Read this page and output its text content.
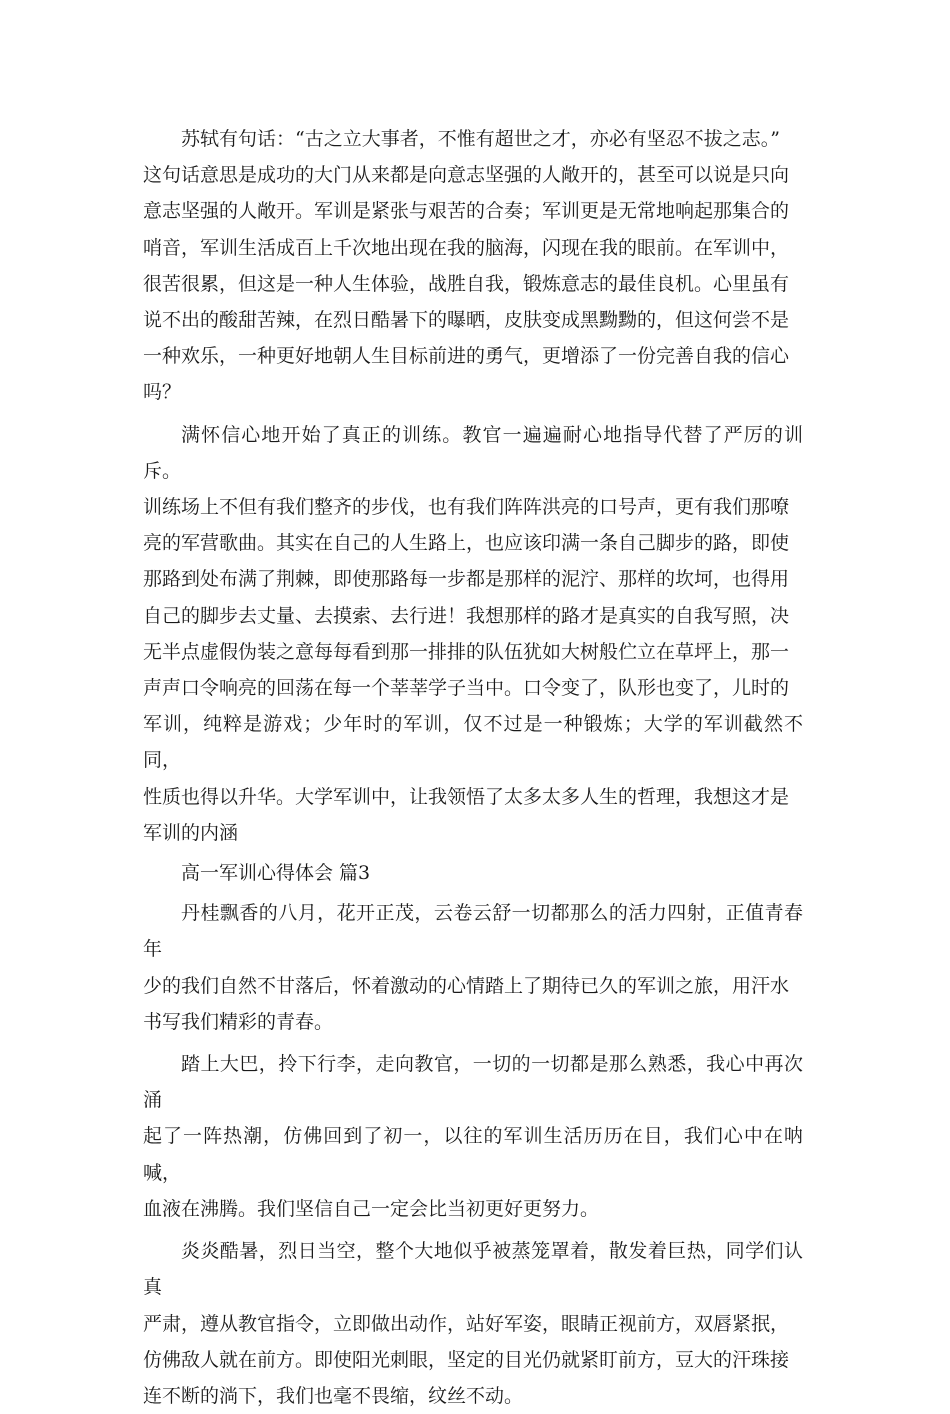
苏轼有句话：“古之立大事者，不惟有超世之才，亦必有坚忍不拔之志。”
这句话意思是成功的大门从来都是向意志坚强的人敞开的，甚至可以说是只向
意志坚强的人敞开。军训是紧张与艰苦的合奏；军训更是无常地响起那集合的
哨音，军训生活成百上千次地出现在我的脑海，闪现在我的眼前。在军训中，
很苦很累，但这是一种人生体验，战胜自我，锻炼意志的最佳良机。心里虽有
说不出的酸甜苦辣，在烈日酷暑下的曝晒，皮肤变成黑黝黝的，但这何尝不是
一种欢乐，一种更好地朝人生目标前进的勇气，更增添了一份完善自我的信心
吗？

满怀信心地开始了真正的训练。教官一遍遍耐心地指导代替了严厉的训斥。
训练场上不但有我们整齐的步伐，也有我们阵阵洪亮的口号声，更有我们那嘹
亮的军营歌曲。其实在自己的人生路上，也应该印满一条自己脚步的路，即使
那路到处布满了荆棘，即使那路每一步都是那样的泥泞、那样的坎坷，也得用
自己的脚步去丈量、去摸索、去行进！我想那样的路才是真实的自我写照，决
无半点虚假伪装之意每每看到那一排排的队伍犹如大树般伫立在草坪上，那一
声声口令响亮的回荡在每一个莘莘学子当中。口令变了，队形也变了，儿时的
军训，纯粹是游戏；少年时的军训，仅不过是一种锻炼；大学的军训截然不同，
性质也得以升华。大学军训中，让我领悟了太多太多人生的哲理，我想这才是
军训的内涵

高一军训心得体会 篇3

丹桂飘香的八月，花开正茂，云卷云舒一切都那么的活力四射，正值青春年
少的我们自然不甘落后，怀着激动的心情踏上了期待已久的军训之旅，用汗水
书写我们精彩的青春。

踏上大巴，拎下行李，走向教官，一切的一切都是那么熟悉，我心中再次涌
起了一阵热潮，仿佛回到了初一，以往的军训生活历历在目，我们心中在呐喊，
血液在沸腾。我们坚信自己一定会比当初更好更努力。

炎炎酷暑，烈日当空，整个大地似乎被蒸笼罩着，散发着巨热，同学们认真
严肃，遵从教官指令，立即做出动作，站好军姿，眼睛正视前方，双唇紧抿，
仿佛敌人就在前方。即使阳光刺眼，坚定的目光仍就紧盯前方，豆大的汗珠接
连不断的淌下，我们也毫不畏缩，纹丝不动。
